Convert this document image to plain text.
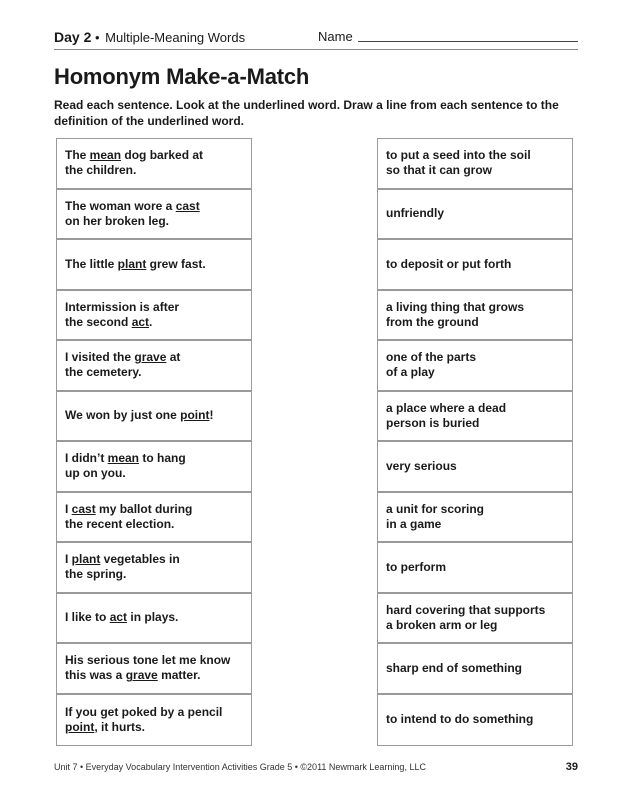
Day 2 • Multiple-Meaning Words	Name
Homonym Make-a-Match
Read each sentence. Look at the underlined word. Draw a line from each sentence to the definition of the underlined word.
The mean dog barked at
the children.
The woman wore a cast
on her broken leg.
The little plant grew fast.
Intermission is after
the second act.
I visited the grave at
the cemetery.
We won by just one point!
I didn’t mean to hang
up on you.
I cast my ballot during
the recent election.
I plant vegetables in
the spring.
I like to act in plays.
His serious tone let me know
this was a grave matter.
If you get poked by a pencil
point, it hurts.
to put a seed into the soil
so that it can grow
unfriendly
to deposit or put forth
a living thing that grows
from the ground
one of the parts
of a play
a place where a dead
person is buried
very serious
a unit for scoring
in a game
to perform
hard covering that supports
a broken arm or leg
sharp end of something
to intend to do something
Unit 7 • Everyday Vocabulary Intervention Activities Grade 5 • ©2011 Newmark Learning, LLC	39
